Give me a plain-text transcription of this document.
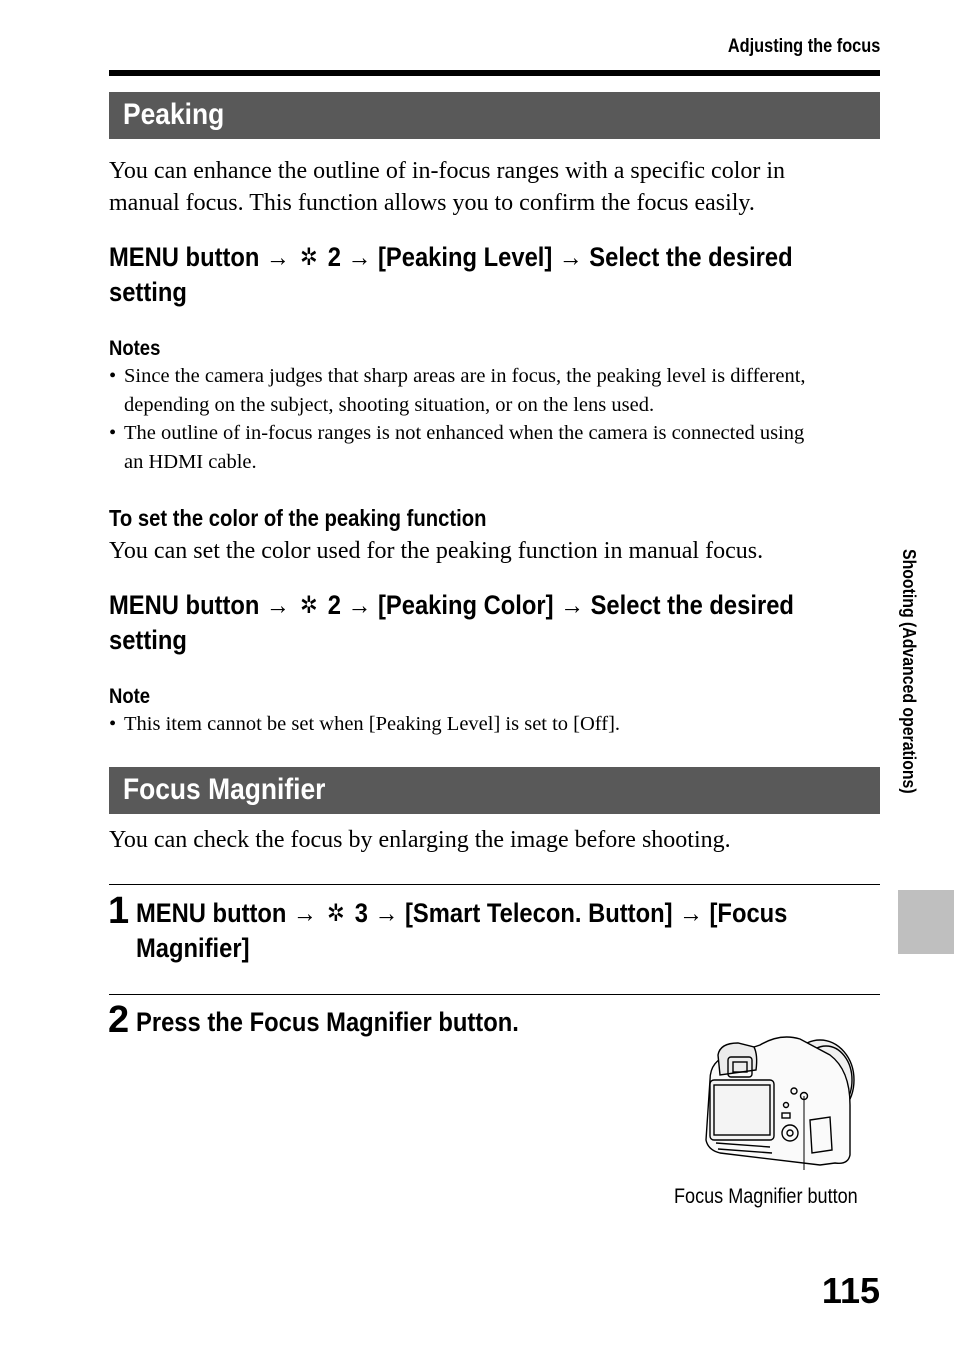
Adjusting the focus
Peaking
You can enhance the outline of in-focus ranges with a specific color in
manual focus. This function allows you to confirm the focus easily.
MENU button → ✲ 2 → [Peaking Level] → Select the desired
setting
Notes
• Since the camera judges that sharp areas are in focus, the peaking level is different,
depending on the subject, shooting situation, or on the lens used.
• The outline of in-focus ranges is not enhanced when the camera is connected using
an HDMI cable.
To set the color of the peaking function
You can set the color used for the peaking function in manual focus.
MENU button → ✲ 2 → [Peaking Color] → Select the desired
setting
Note
• This item cannot be set when [Peaking Level] is set to [Off].
Focus Magnifier
You can check the focus by enlarging the image before shooting.
1 MENU button → ✲ 3 → [Smart Telecon. Button] → [Focus
Magnifier]
2 Press the Focus Magnifier button.
Focus Magnifier button
Shooting (Advanced operations)
115
